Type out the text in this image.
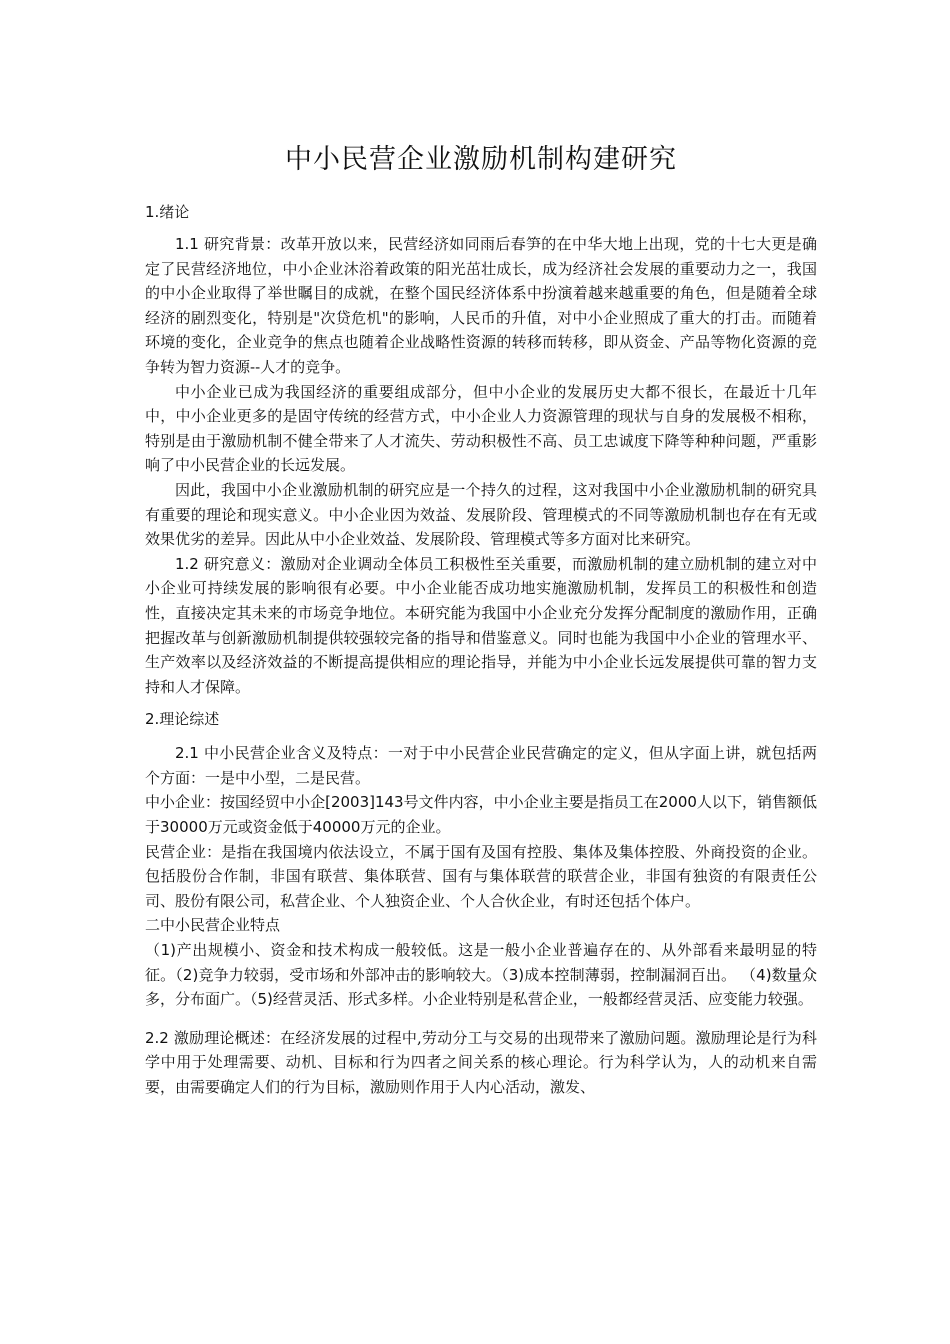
中小民营企业激励机制构建研究
1.绪论

1.1 研究背景：改革开放以来，民营经济如同雨后春笋的在中华大地上出现，党的十七大更是确定了民营经济地位，中小企业沐浴着政策的阳光茁壮成长，成为经济社会发展的重要动力之一，我国的中小企业取得了举世瞩目的成就，在整个国民经济体系中扮演着越来越重要的角色，但是随着全球经济的剧烈变化，特别是"次贷危机"的影响，人民币的升值，对中小企业照成了重大的打击。而随着环境的变化，企业竞争的焦点也随着企业战略性资源的转移而转移，即从资金、产品等物化资源的竞争转为智力资源--人才的竞争。

中小企业已成为我国经济的重要组成部分，但中小企业的发展历史大都不很长，在最近十几年中，中小企业更多的是固守传统的经营方式，中小企业人力资源管理的现状与自身的发展极不相称，特别是由于激励机制不健全带来了人才流失、劳动积极性不高、员工忠诚度下降等种种问题，严重影响了中小民营企业的长远发展。

因此，我国中小企业激励机制的研究应是一个持久的过程，这对我国中小企业激励机制的研究具有重要的理论和现实意义。中小企业因为效益、发展阶段、管理模式的不同等激励机制也存在有无或效果优劣的差异。因此从中小企业效益、发展阶段、管理模式等多方面对比来研究。

1.2 研究意义：激励对企业调动全体员工积极性至关重要，而激励机制的建立励机制的建立对中小企业可持续发展的影响很有必要。中小企业能否成功地实施激励机制，发挥员工的积极性和创造性，直接决定其未来的市场竞争地位。本研究能为我国中小企业充分发挥分配制度的激励作用，正确把握改革与创新激励机制提供较强较完备的指导和借鉴意义。同时也能为我国中小企业的管理水平、生产效率以及经济效益的不断提高提供相应的理论指导，并能为中小企业长远发展提供可靠的智力支持和人才保障。

2.理论综述

2.1 中小民营企业含义及特点：一对于中小民营企业民营确定的定义，但从字面上讲，就包括两个方面：一是中小型，二是民营。

中小企业：按国经贸中小企[2003]143号文件内容，中小企业主要是指员工在2000人以下，销售额低于30000万元或资金低于40000万元的企业。

民营企业：是指在我国境内依法设立，不属于国有及国有控股、集体及集体控股、外商投资的企业。包括股份合作制，非国有联营、集体联营、国有与集体联营的联营企业，非国有独资的有限责任公司、股份有限公司，私营企业、个人独资企业、个人合伙企业，有时还包括个体户。

二中小民营企业特点

（1)产出规模小、资金和技术构成一般较低。这是一般小企业普遍存在的、从外部看来最明显的特征。（2)竞争力较弱，受市场和外部冲击的影响较大。（3)成本控制薄弱，控制漏洞百出。 （4)数量众多，分布面广。（5)经营灵活、形式多样。小企业特别是私营企业，一般都经营灵活、应变能力较强。

2.2 激励理论概述：在经济发展的过程中,劳动分工与交易的出现带来了激励问题。激励理论是行为科学中用于处理需要、动机、目标和行为四者之间关系的核心理论。行为科学认为，人的动机来自需要，由需要确定人们的行为目标，激励则作用于人内心活动，激发、
